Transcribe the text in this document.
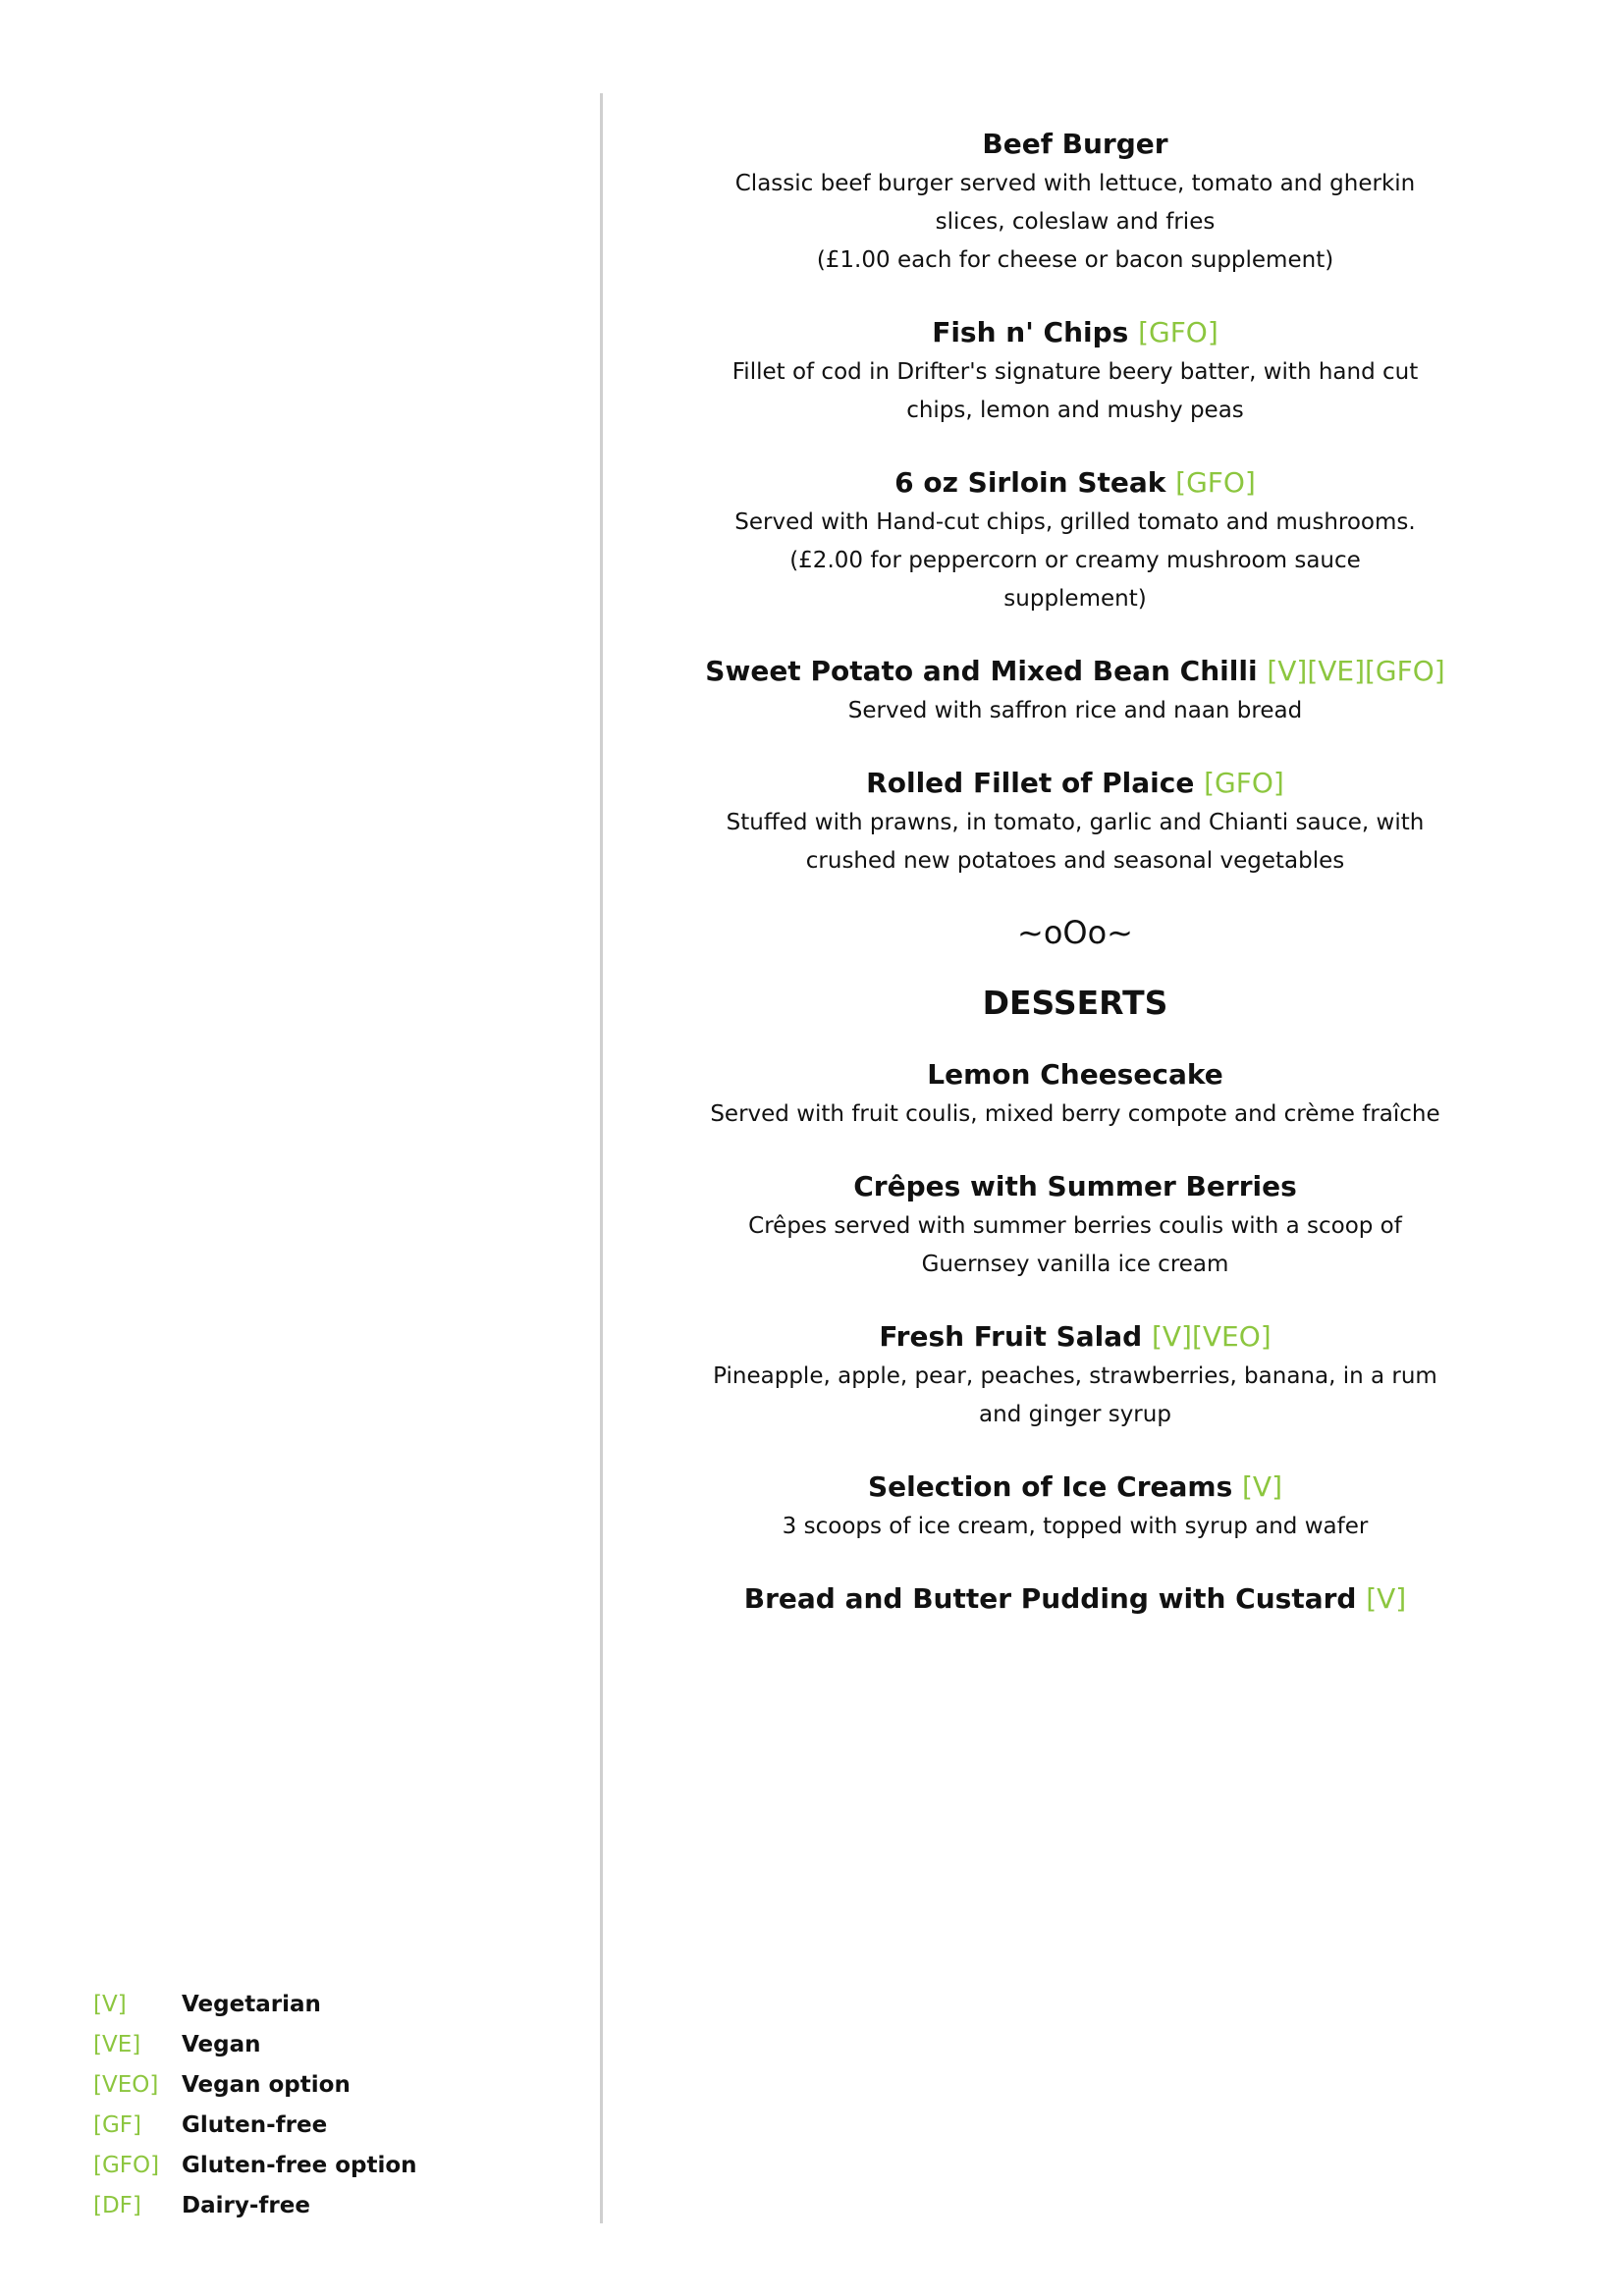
Beef Burger
Classic beef burger served with lettuce, tomato and gherkin
slices, coleslaw and fries
(£1.00 each for cheese or bacon supplement)
Fish n' Chips [GFO]
Fillet of cod in Drifter's signature beery batter, with hand cut
chips, lemon and mushy peas
6 oz Sirloin Steak [GFO]
Served with Hand-cut chips, grilled tomato and mushrooms.
(£2.00 for peppercorn or creamy mushroom sauce
supplement)
Sweet Potato and Mixed Bean Chilli [V][VE][GFO]
Served with saffron rice and naan bread
Rolled Fillet of Plaice [GFO]
Stuffed with prawns, in tomato, garlic and Chianti sauce, with
crushed new potatoes and seasonal vegetables
~oOo~
DESSERTS
Lemon Cheesecake
Served with fruit coulis, mixed berry compote and crème fraîche
Crêpes with Summer Berries
Crêpes served with summer berries coulis with a scoop of
Guernsey vanilla ice cream
Fresh Fruit Salad [V][VEO]
Pineapple, apple, pear, peaches, strawberries, banana, in a rum
and ginger syrup
Selection of Ice Creams [V]
3 scoops of ice cream, topped with syrup and wafer
Bread and Butter Pudding with Custard [V]
[V]	Vegetarian
[VE]	Vegan
[VEO]	Vegan option
[GF]	Gluten-free
[GFO] Gluten-free option
[DF]	Dairy-free
